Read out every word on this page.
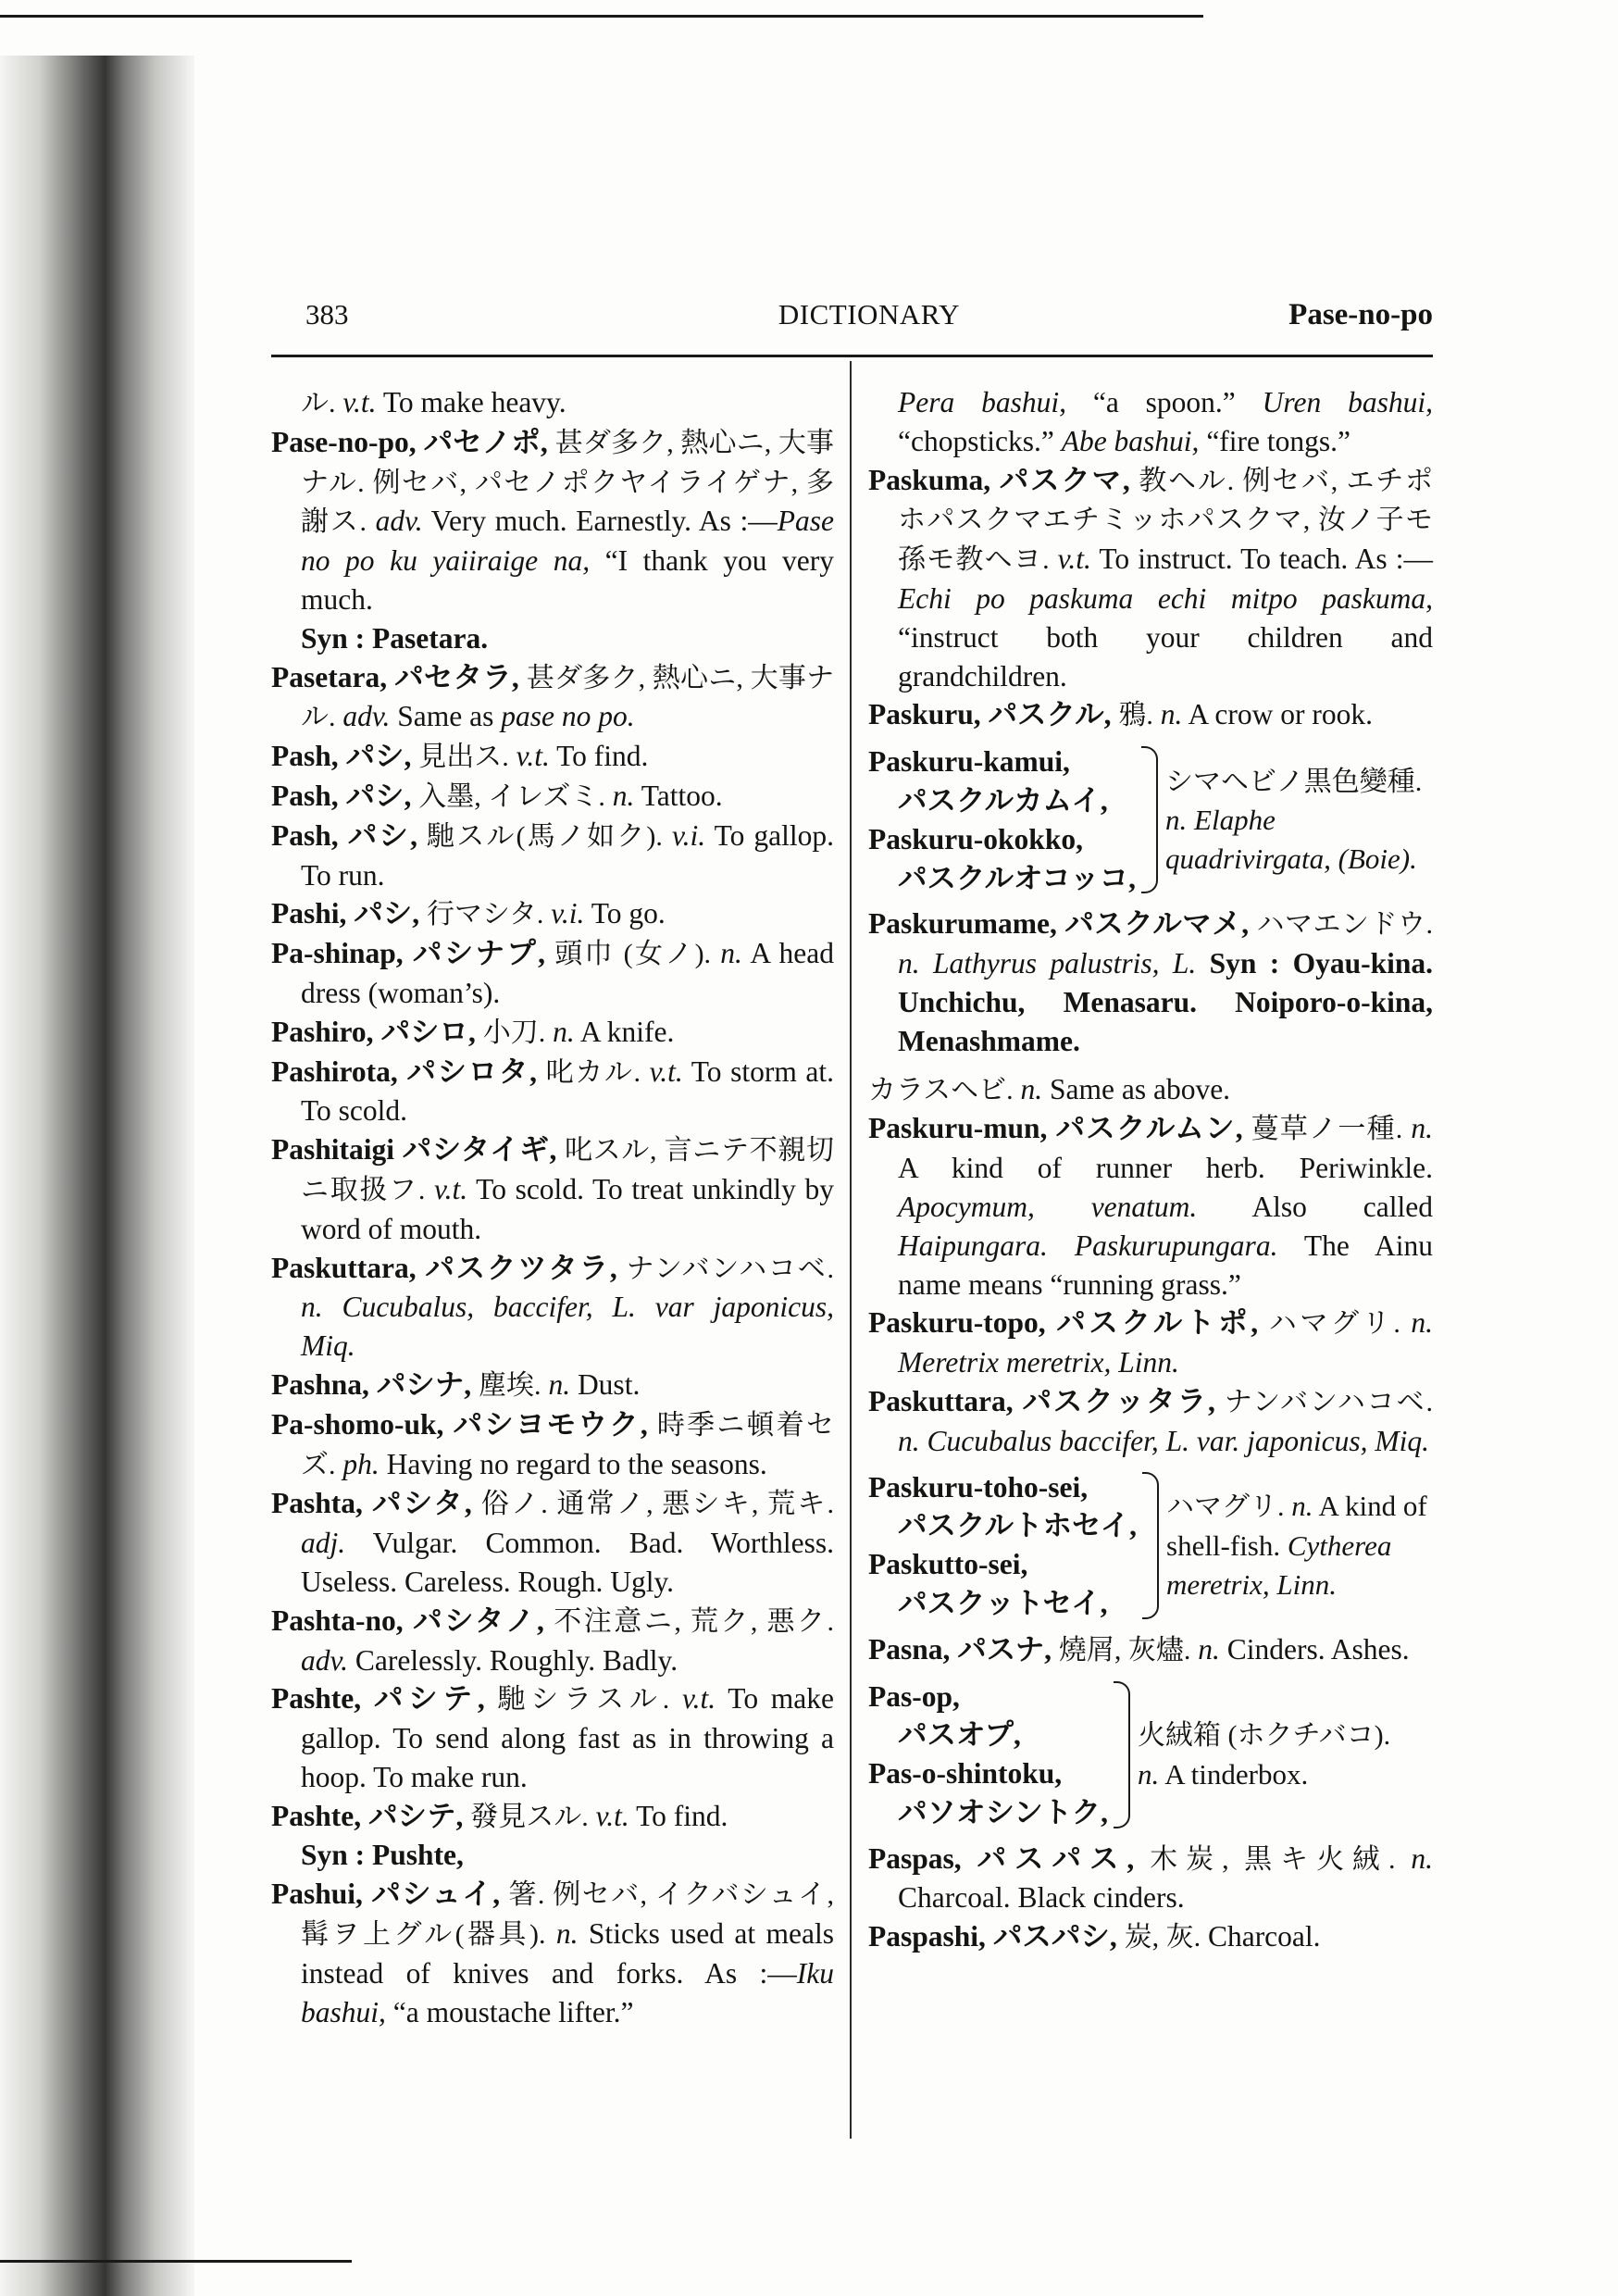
383	DICTIONARY	Pase-no-po

ル. v.t. To make heavy.

Pase-no-po, パセノポ, 甚ダ多ク, 熱心ニ, 大事ナル. 例セバ, パセノポクヤイライゲナ, 多謝ス. adv. Very much. Earnestly. As :—Pase no po ku yaiiraige na, “I thank you very much.
Syn : Pasetara.

Pasetara, パセタラ, 甚ダ多ク, 熱心ニ, 大事ナル. adv. Same as pase no po.

Pash, パシ, 見出ス. v.t. To find.

Pash, パシ, 入墨, イレズミ. n. Tattoo.

Pash, パシ, 馳スル(馬ノ如ク). v.i. To gallop. To run.

Pashi, パシ, 行マシタ. v.i. To go.

Pa-shinap, パシナプ, 頭巾 (女ノ). n. A head dress (woman’s).

Pashiro, パシロ, 小刀. n. A knife.

Pashirota, パシロタ, 叱カル. v.t. To storm at. To scold.

Pashitaigi パシタイギ, 叱スル, 言ニテ不親切ニ取扱フ. v.t. To scold. To treat unkindly by word of mouth.

Paskuttara, パスクツタラ, ナンバンハコベ. n. Cucubalus, baccifer, L. var japonicus, Miq.

Pashna, パシナ, 塵埃. n. Dust.

Pa-shomo-uk, パシヨモウク, 時季ニ頓着セズ. ph. Having no regard to the seasons.

Pashta, パシタ, 俗ノ. 通常ノ, 悪シキ, 荒キ. adj. Vulgar. Common. Bad. Worthless. Useless. Careless. Rough. Ugly.

Pashta-no, パシタノ, 不注意ニ, 荒ク, 悪ク. adv. Carelessly. Roughly. Badly.

Pashte, パシテ, 馳シラスル. v.t. To make gallop. To send along fast as in throwing a hoop. To make run.

Pashte, パシテ, 發見スル. v.t. To find.
Syn : Pushte,

Pashui, パシュイ, 箸. 例セバ, イクバシュイ, 髯ヲ上グル(器具). n. Sticks used at meals instead of knives and forks. As :—Iku bashui, “a moustache lifter.”

Pera bashui, “a spoon.” Uren bashui, “chopsticks.” Abe bashui, “fire tongs.”

Paskuma, パスクマ, 教ヘル. 例セバ, エチポホパスクマエチミッホパスクマ, 汝ノ子モ孫モ教ヘヨ. v.t. To instruct. To teach. As :—Echi po paskuma echi mitpo paskuma, “instruct both your children and grandchildren.

Paskuru, パスクル, 鴉. n. A crow or rook.

Paskuru-kamui,
パスクルカムイ,
Paskuru-okokko,
パスクルオコッコ,
シマヘビノ黒色變種. n. Elaphe quadrivirgata, (Boie).

Paskurumame, パスクルマメ, ハマエンドウ. n. Lathyrus palustris, L. Syn : Oyau-kina. Unchichu, Menasaru. Noiporo-o-kina, Menashmame.

カラスヘビ. n. Same as above.

Paskuru-mun, パスクルムン, 蔓草ノ一種. n. A kind of runner herb. Periwinkle. Apocymum, venatum. Also called Haipungara. Paskurupungara. The Ainu name means “running grass.”

Paskuru-topo, パスクルトポ, ハマグリ. n. Meretrix meretrix, Linn.

Paskuttara, パスクッタラ, ナンバンハコベ. n. Cucubalus baccifer, L. var. japonicus, Miq.

Paskuru-toho-sei,
パスクルトホセイ,
Paskutto-sei,
パスクットセイ,
ハマグリ. n. A kind of shell-fish. Cytherea meretrix, Linn.

Pasna, パスナ, 燒屑, 灰燼. n. Cinders. Ashes.

Pas-op,
パスオプ,
Pas-o-shintoku,
パソオシントク,
火絨箱 (ホクチバコ).
n. A tinderbox.

Paspas, パスパス, 木炭, 黒キ火絨. n. Charcoal. Black cinders.

Paspashi, パスパシ, 炭, 灰. Charcoal.
